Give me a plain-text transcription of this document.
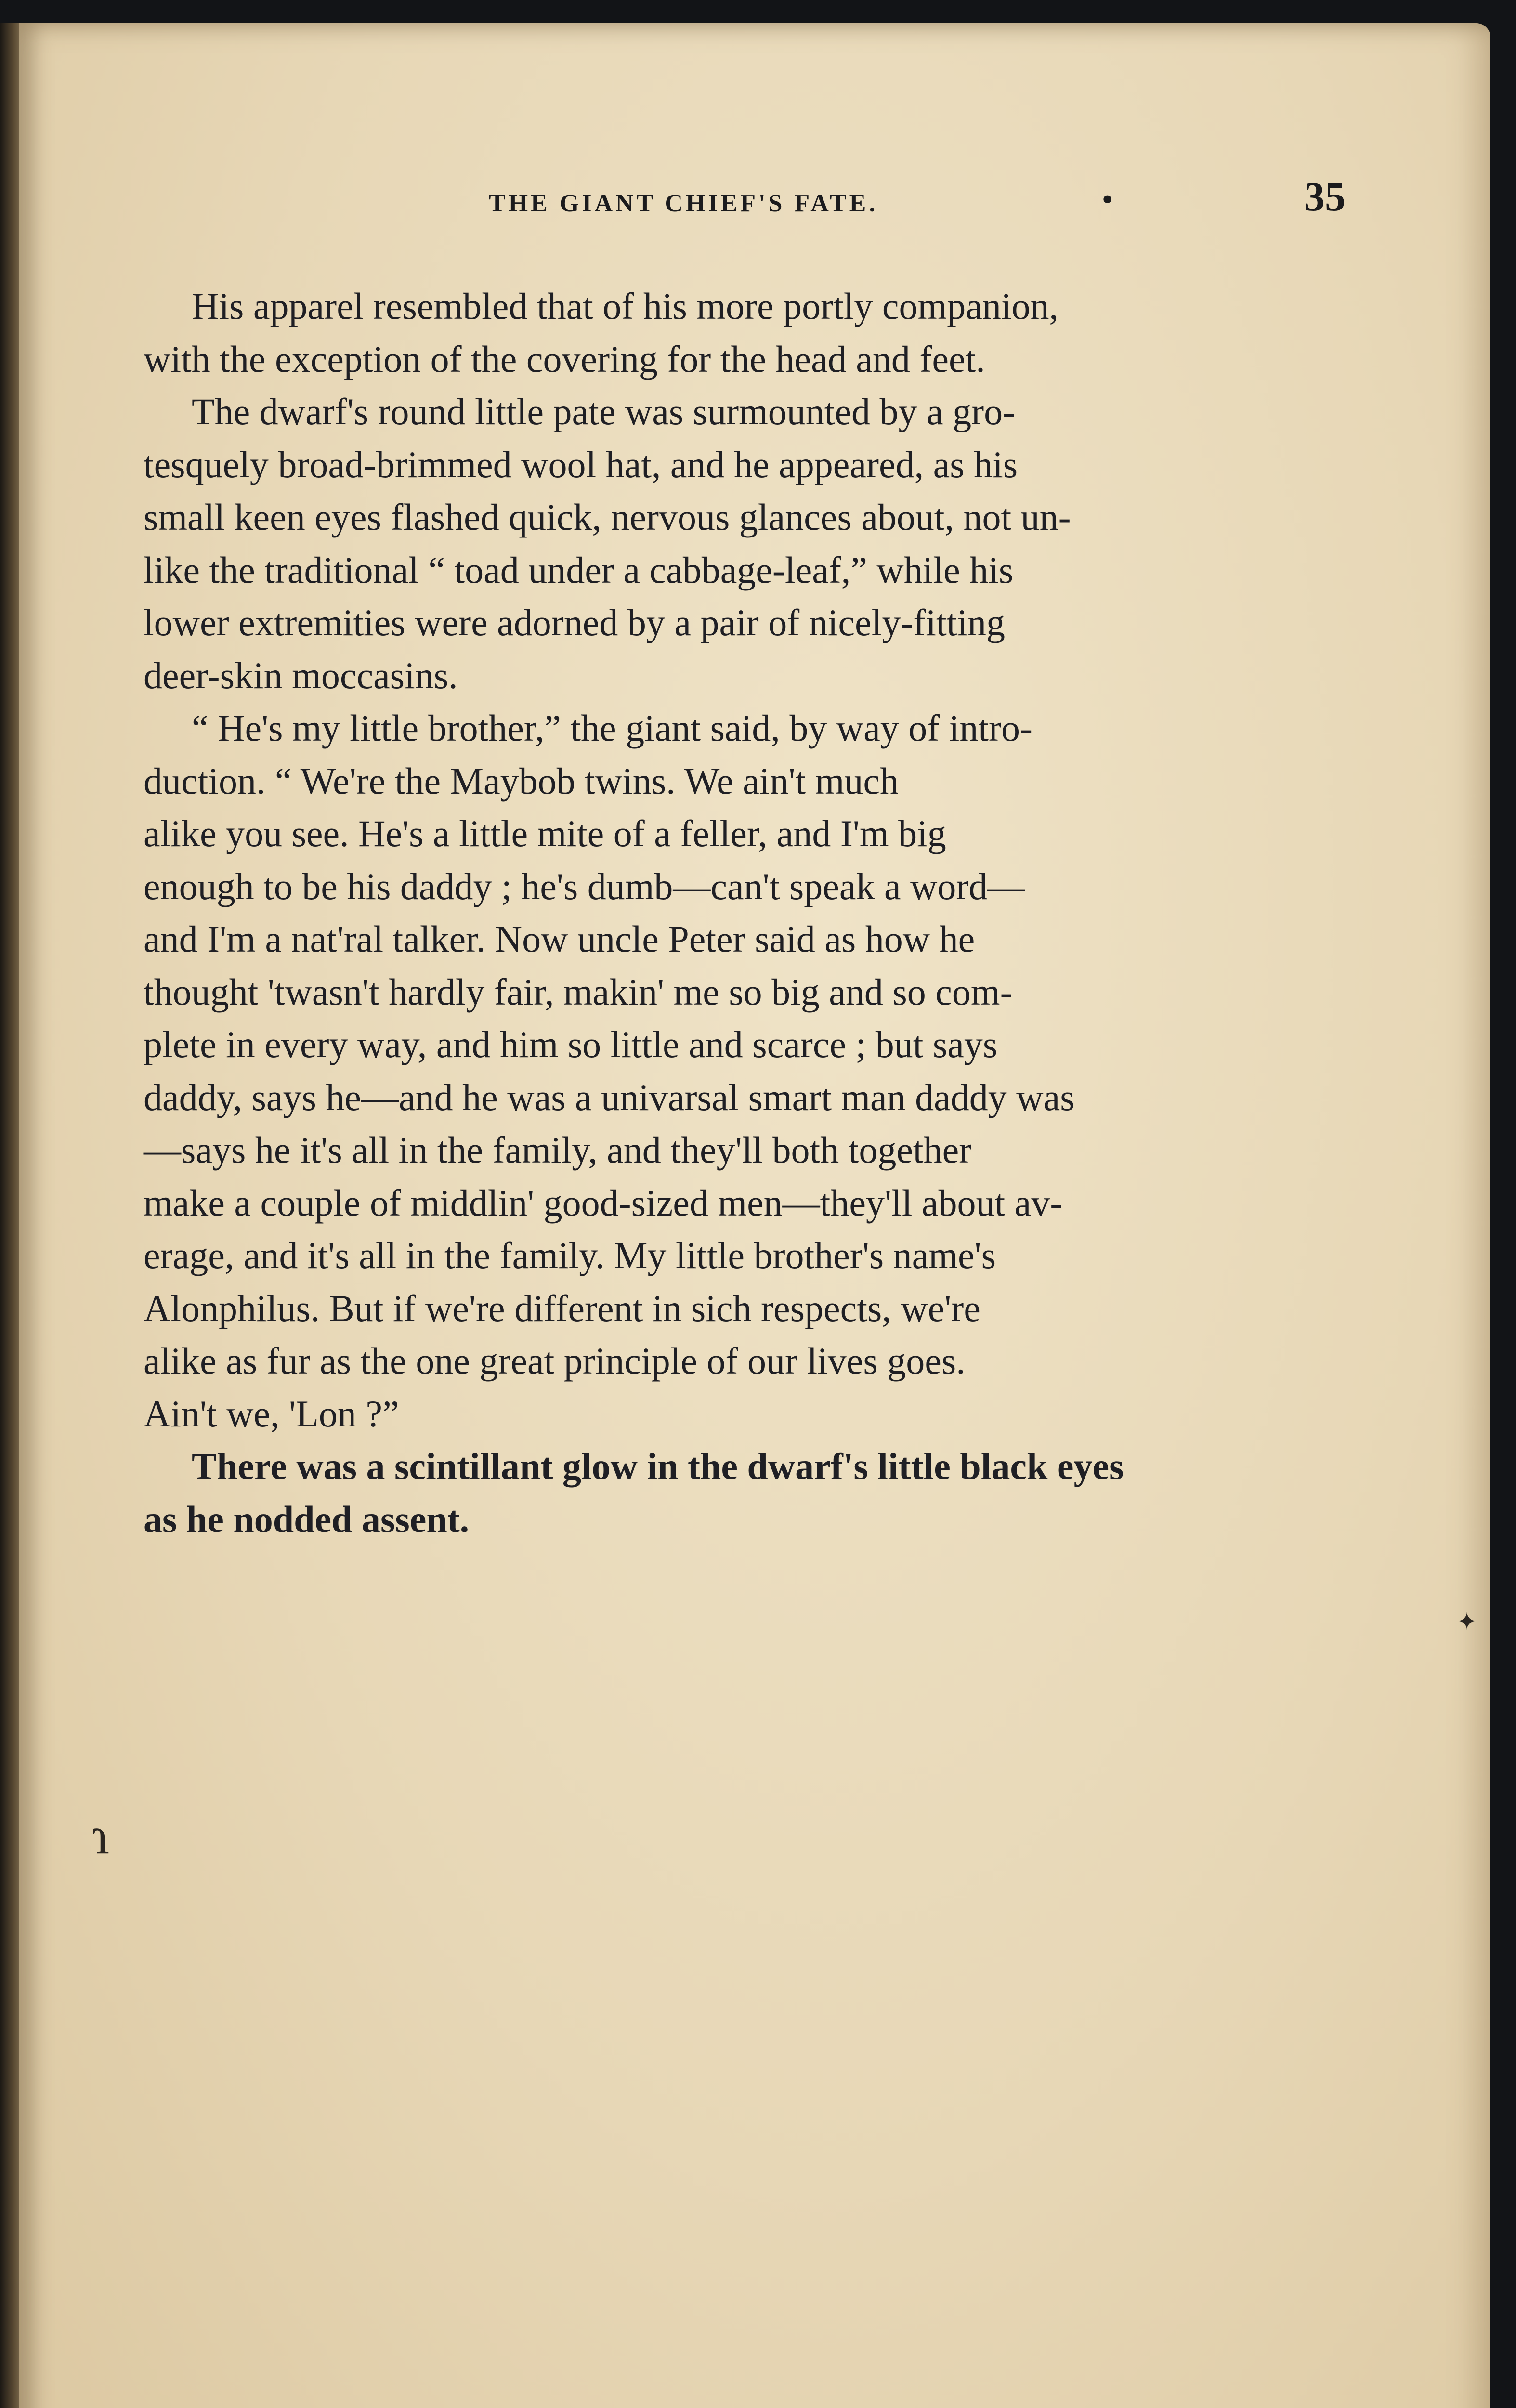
THE GIANT CHIEF'S FATE.	•	35

His apparel resembled that of his more portly companion,
with the exception of the covering for the head and feet.

The dwarf's round little pate was surmounted by a gro-
tesquely broad-brimmed wool hat, and he appeared, as his
small keen eyes flashed quick, nervous glances about, not un-
like the traditional “ toad under a cabbage-leaf,” while his
lower extremities were adorned by a pair of nicely-fitting
deer-skin moccasins.

“ He's my little brother,” the giant said, by way of intro-
duction. “ We're the Maybob twins. We ain't much
alike you see. He's a little mite of a feller, and I'm big
enough to be his daddy ; he's dumb—can't speak a word—
and I'm a nat'ral talker. Now uncle Peter said as how he
thought 'twasn't hardly fair, makin' me so big and so com-
plete in every way, and him so little and scarce ; but says
daddy, says he—and he was a univarsal smart man daddy was
—says he it's all in the family, and they'll both together
make a couple of middlin' good-sized men—they'll about av-
erage, and it's all in the family. My little brother's name's
Alonphilus. But if we're different in sich respects, we're
alike as fur as the one great principle of our lives goes.
Ain't we, 'Lon ?”

There was a scintillant glow in the dwarf's little black eyes
as he nodded assent.

ɿ
✦
